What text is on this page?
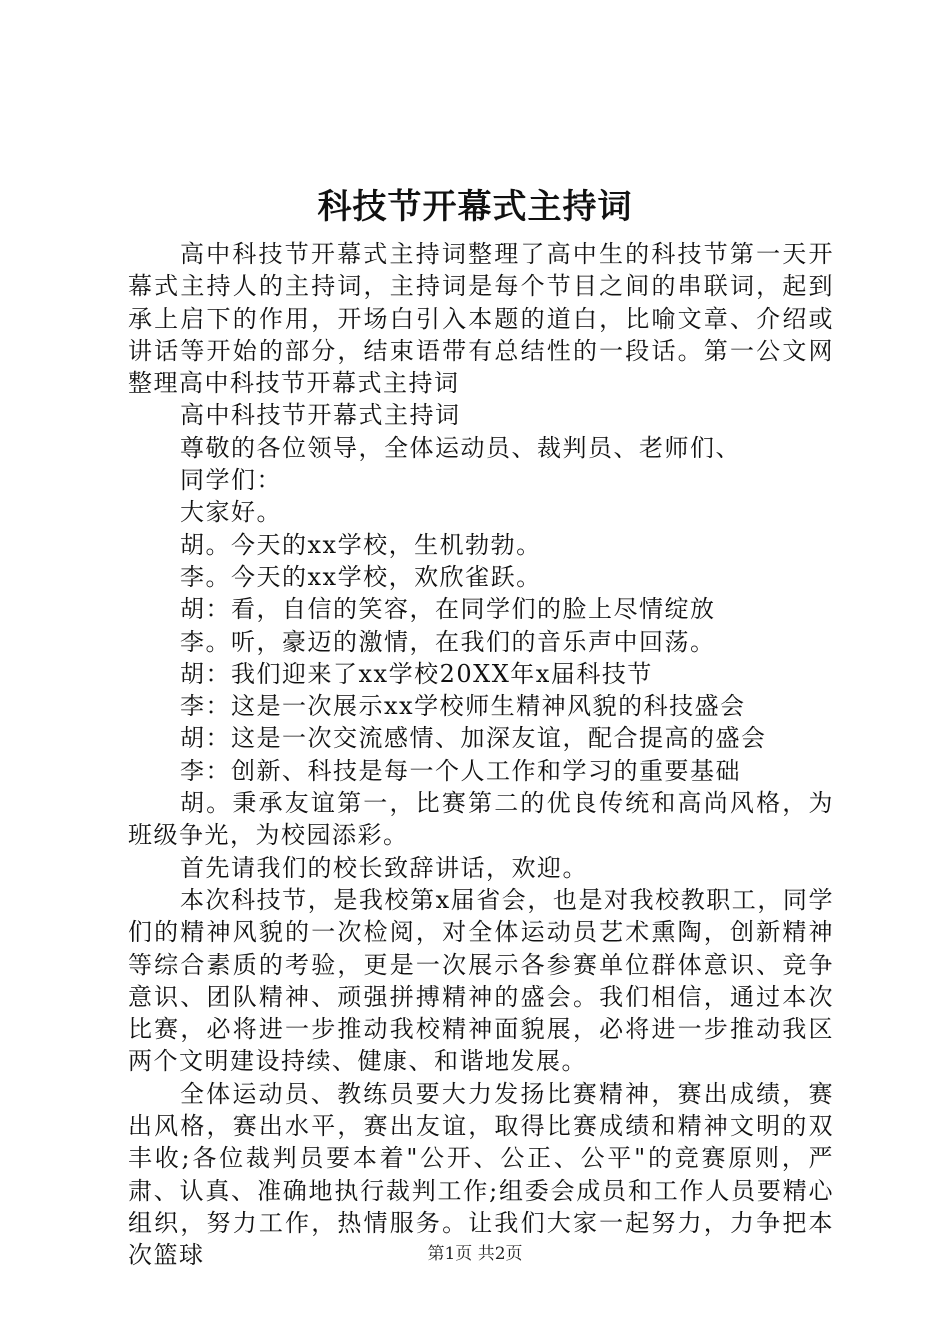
科技节开幕式主持词

高中科技节开幕式主持词整理了高中生的科技节第一天开幕式主持人的主持词，主持词是每个节目之间的串联词，起到承上启下的作用，开场白引入本题的道白，比喻文章、介绍或讲话等开始的部分，结束语带有总结性的一段话。第一公文网整理高中科技节开幕式主持词

高中科技节开幕式主持词

尊敬的各位领导，全体运动员、裁判员、老师们、

同学们：

大家好。

胡。今天的xx学校，生机勃勃。

李。今天的xx学校，欢欣雀跃。

胡：看，自信的笑容，在同学们的脸上尽情绽放

李。听，豪迈的激情，在我们的音乐声中回荡。

胡：我们迎来了xx学校20XX年x届科技节

李：这是一次展示xx学校师生精神风貌的科技盛会

胡：这是一次交流感情、加深友谊，配合提高的盛会

李：创新、科技是每一个人工作和学习的重要基础

胡。秉承友谊第一，比赛第二的优良传统和高尚风格，为班级争光，为校园添彩。

首先请我们的校长致辞讲话，欢迎。

本次科技节，是我校第x届省会，也是对我校教职工，同学们的精神风貌的一次检阅，对全体运动员艺术熏陶，创新精神等综合素质的考验，更是一次展示各参赛单位群体意识、竞争意识、团队精神、顽强拼搏精神的盛会。我们相信，通过本次比赛，必将进一步推动我校精神面貌展，必将进一步推动我区两个文明建设持续、健康、和谐地发展。

全体运动员、教练员要大力发扬比赛精神，赛出成绩，赛出风格，赛出水平，赛出友谊，取得比赛成绩和精神文明的双丰收;各位裁判员要本着"公开、公正、公平"的竞赛原则，严肃、认真、准确地执行裁判工作;组委会成员和工作人员要精心组织，努力工作，热情服务。让我们大家一起努力，力争把本次篮球	第1页 共2页
